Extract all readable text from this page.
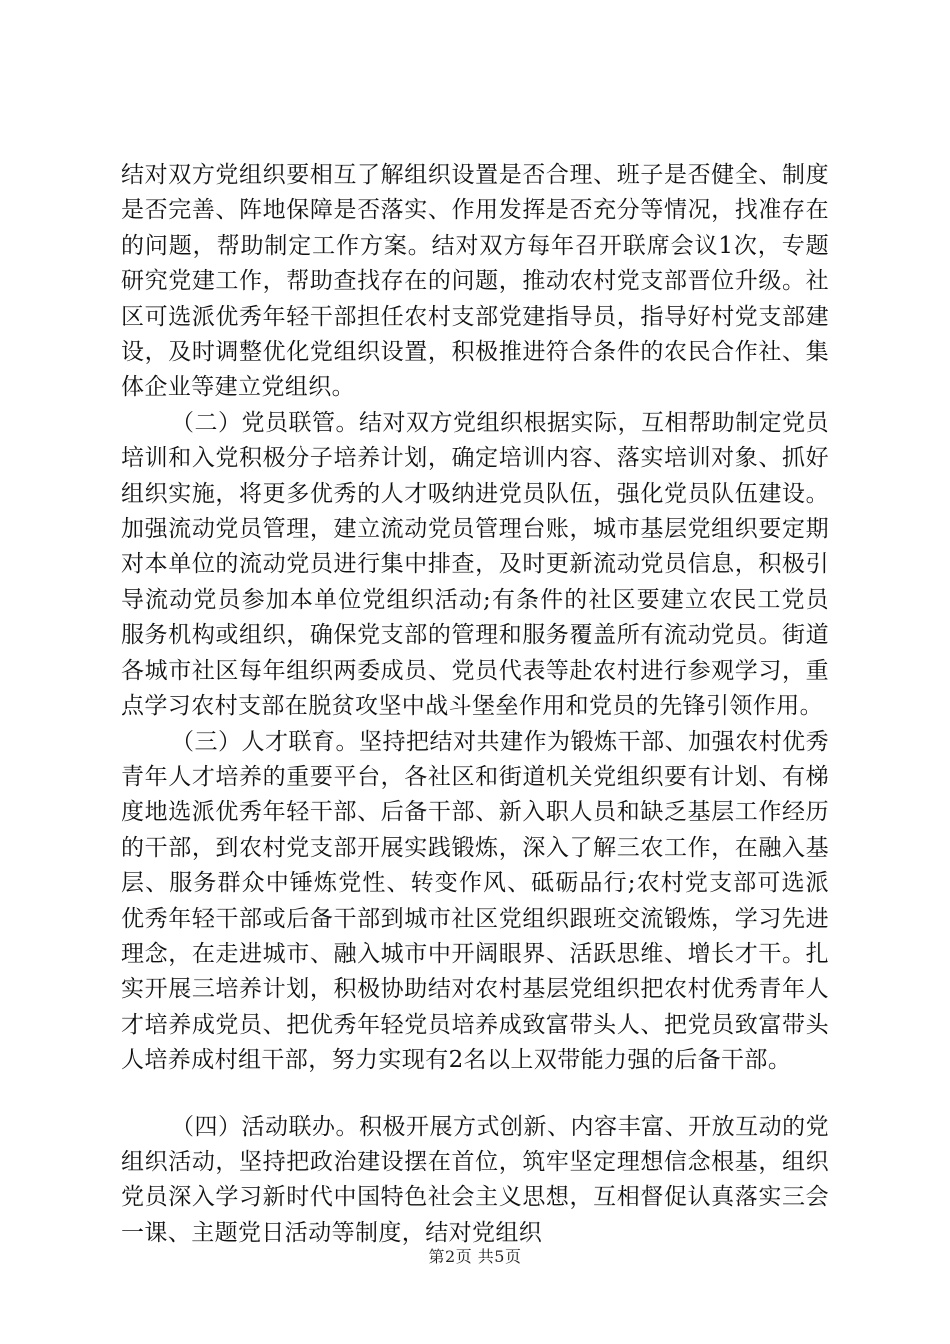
结对双方党组织要相互了解组织设置是否合理、班子是否健全、制度是否完善、阵地保障是否落实、作用发挥是否充分等情况，找准存在的问题，帮助制定工作方案。结对双方每年召开联席会议1次，专题研究党建工作，帮助查找存在的问题，推动农村党支部晋位升级。社区可选派优秀年轻干部担任农村支部党建指导员，指导好村党支部建设，及时调整优化党组织设置，积极推进符合条件的农民合作社、集体企业等建立党组织。

（二）党员联管。结对双方党组织根据实际，互相帮助制定党员培训和入党积极分子培养计划，确定培训内容、落实培训对象、抓好组织实施，将更多优秀的人才吸纳进党员队伍，强化党员队伍建设。加强流动党员管理，建立流动党员管理台账，城市基层党组织要定期对本单位的流动党员进行集中排查，及时更新流动党员信息，积极引导流动党员参加本单位党组织活动;有条件的社区要建立农民工党员服务机构或组织，确保党支部的管理和服务覆盖所有流动党员。街道各城市社区每年组织两委成员、党员代表等赴农村进行参观学习，重点学习农村支部在脱贫攻坚中战斗堡垒作用和党员的先锋引领作用。

（三）人才联育。坚持把结对共建作为锻炼干部、加强农村优秀青年人才培养的重要平台，各社区和街道机关党组织要有计划、有梯度地选派优秀年轻干部、后备干部、新入职人员和缺乏基层工作经历的干部，到农村党支部开展实践锻炼，深入了解三农工作，在融入基层、服务群众中锤炼党性、转变作风、砥砺品行;农村党支部可选派优秀年轻干部或后备干部到城市社区党组织跟班交流锻炼，学习先进理念，在走进城市、融入城市中开阔眼界、活跃思维、增长才干。扎实开展三培养计划，积极协助结对农村基层党组织把农村优秀青年人才培养成党员、把优秀年轻党员培养成致富带头人、把党员致富带头人培养成村组干部，努力实现有2名以上双带能力强的后备干部。

（四）活动联办。积极开展方式创新、内容丰富、开放互动的党组织活动，坚持把政治建设摆在首位，筑牢坚定理想信念根基，组织党员深入学习新时代中国特色社会主义思想，互相督促认真落实三会一课、主题党日活动等制度，结对党组织

第2页 共5页
